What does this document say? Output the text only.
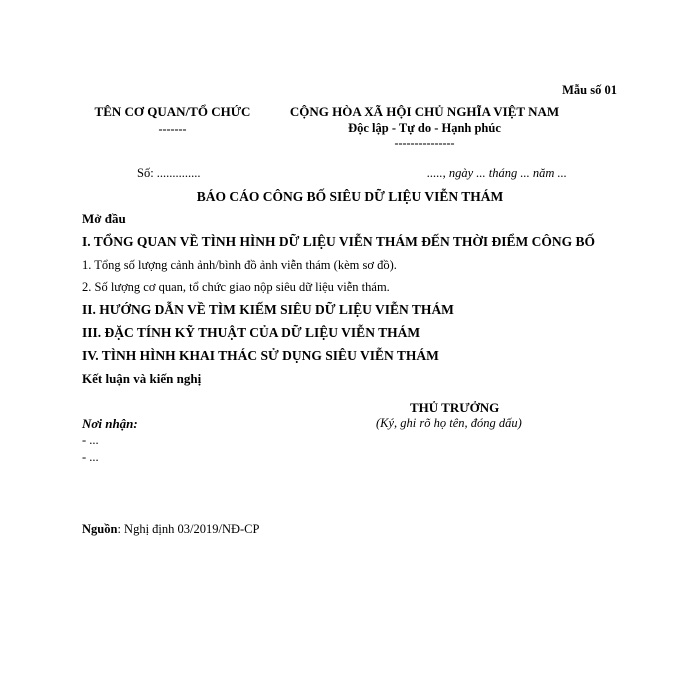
Mẫu số 01
TÊN CƠ QUAN/TỔ CHỨC
-------
CỘNG HÒA XÃ HỘI CHỦ NGHĨA VIỆT NAM
Độc lập - Tự do - Hạnh phúc
---------------
Số: ..............	....., ngày ... tháng ... năm ...
BÁO CÁO CÔNG BỐ SIÊU DỮ LIỆU VIỄN THÁM
Mở đầu
I. TỔNG QUAN VỀ TÌNH HÌNH DỮ LIỆU VIỄN THÁM ĐẾN THỜI ĐIỂM CÔNG BỐ
1. Tổng số lượng cảnh ảnh/bình đồ ảnh viễn thám (kèm sơ đồ).
2. Số lượng cơ quan, tổ chức giao nộp siêu dữ liệu viễn thám.
II. HƯỚNG DẪN VỀ TÌM KIẾM SIÊU DỮ LIỆU VIỄN THÁM
III. ĐẶC TÍNH KỸ THUẬT CỦA DỮ LIỆU VIỄN THÁM
IV. TÌNH HÌNH KHAI THÁC SỬ DỤNG SIÊU VIỄN THÁM
Kết luận và kiến nghị
THỦ TRƯỞNG
(Ký, ghi rõ họ tên, đóng dấu)
Nơi nhận:
- ...
- ...
Nguồn: Nghị định 03/2019/NĐ-CP
